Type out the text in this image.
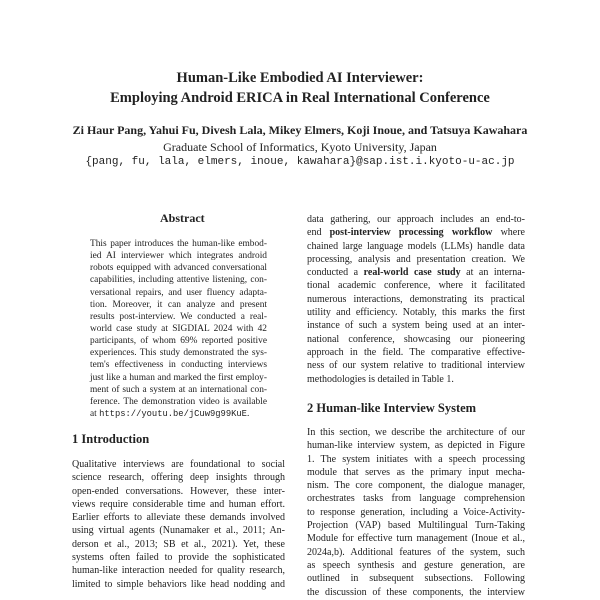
Human-Like Embodied AI Interviewer:
Employing Android ERICA in Real International Conference
Zi Haur Pang, Yahui Fu, Divesh Lala, Mikey Elmers, Koji Inoue, and Tatsuya Kawahara
Graduate School of Informatics, Kyoto University, Japan
{pang, fu, lala, elmers, inoue, kawahara}@sap.ist.i.kyoto-u-ac.jp
Abstract
This paper introduces the human-like embod-
ied AI interviewer which integrates android
robots equipped with advanced conversational
capabilities, including attentive listening, con-
versational repairs, and user fluency adapta-
tion. Moreover, it can analyze and present
results post-interview. We conducted a real-
world case study at SIGDIAL 2024 with 42
participants, of whom 69% reported positive
experiences. This study demonstrated the sys-
tem's effectiveness in conducting interviews
just like a human and marked the first employ-
ment of such a system at an international con-
ference. The demonstration video is available
at https://youtu.be/jCuw9g99KuE.
1 Introduction
Qualitative interviews are foundational to social
science research, offering deep insights through
open-ended conversations. However, these inter-
views require considerable time and human effort.
Earlier efforts to alleviate these demands involved
using virtual agents (Nunamaker et al., 2011; An-
derson et al., 2013; SB et al., 2021). Yet, these
systems often failed to provide the sophisticated
human-like interaction needed for quality research,
limited to simple behaviors like head nodding and
data gathering, our approach includes an end-to-
end post-interview processing workflow where
chained large language models (LLMs) handle data
processing, analysis and presentation creation. We
conducted a real-world case study at an interna-
tional academic conference, where it facilitated
numerous interactions, demonstrating its practical
utility and efficiency. Notably, this marks the first
instance of such a system being used at an inter-
national conference, showcasing our pioneering
approach in the field. The comparative effective-
ness of our system relative to traditional interview
methodologies is detailed in Table 1.
2 Human-like Interview System
In this section, we describe the architecture of our
human-like interview system, as depicted in Figure
1. The system initiates with a speech processing
module that serves as the primary input mecha-
nism. The core component, the dialogue manager,
orchestrates tasks from language comprehension
to response generation, including a Voice-Activity-
Projection (VAP) based Multilingual Turn-Taking
Module for effective turn management (Inoue et al.,
2024a,b). Additional features of the system, such
as speech synthesis and gesture generation, are
outlined in subsequent subsections. Following
the discussion of these components, the interview
